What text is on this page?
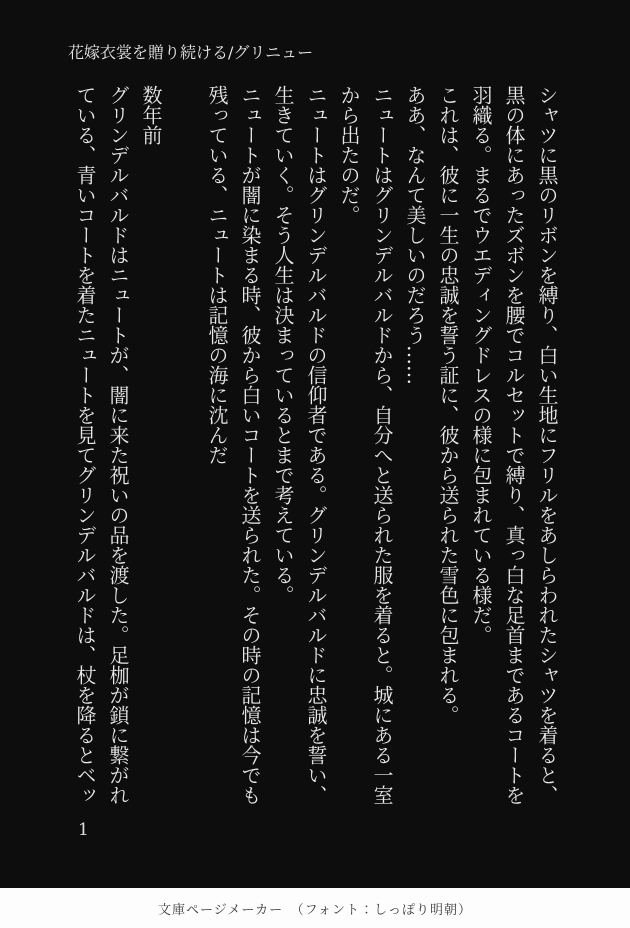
花嫁衣裳を贈り続ける/グリニュー

シャツに黒のリボンを縛り、白い生地にフリルをあしらわれたシャツを着ると、

黒の体にあったズボンを腰でコルセットで縛り、真っ白な足首まであるコートを

羽織る。まるでウエディングドレスの様に包まれている様だ。

これは、彼に一生の忠誠を誓う証に、彼から送られた雪色に包まれる。

ああ、なんて美しいのだろう……

ニュートはグリンデルバルドから、自分へと送られた服を着ると。城にある一室

から出たのだ。

ニュートはグリンデルバルドの信仰者である。グリンデルバルドに忠誠を誓い、

生きていく。そう人生は決まっているとまで考えている。

ニュートが闇に染まる時、彼から白いコートを送られた。その時の記憶は今でも

残っている、ニュートは記憶の海に沈んだ

数年前

グリンデルバルドはニュートが、闇に来た祝いの品を渡した。足枷が鎖に繋がれ

ている、青いコートを着たニュートを見てグリンデルバルドは、杖を降るとベッ

1
文庫ページメーカー　（フォント：しっぽり明朝）
